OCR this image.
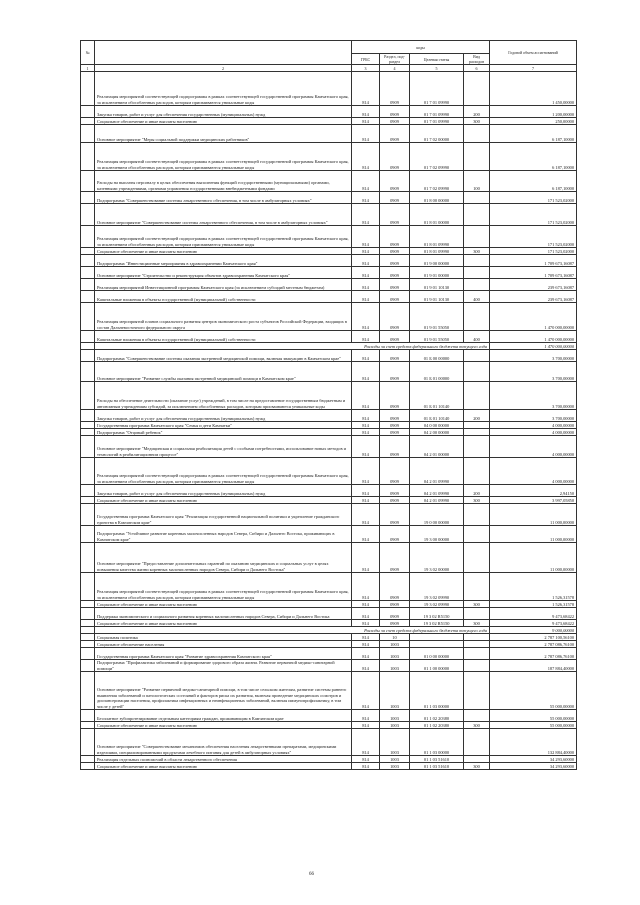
№		коды				Годовой объем ассигнований
		ГРБС	Раздел, под-раздел	Целевая статья	Вид расходов	
1	2	3	4	5	6	7
	Реализация мероприятий соответствующей подпрограммы в рамках соответствующей государственной программы Камчатского края, за исключением обособленных расходов, которым присваиваются уникальные коды	814	0909	01 7 01 09990		1 450,00000
	Закупка товаров, работ и услуг для обеспечения государственных (муниципальных) нужд	814	0909	01 7 01 09990	200	1 200,00000
	Социальное обеспечение и иные выплаты населению	814	0909	01 7 01 09990	300	250,00000
	Основное мероприятие "Меры социальной поддержки медицинских работников"	814	0909	01 7 02 00000		6 187,10000
	Реализация мероприятий соответствующей подпрограммы в рамках соответствующей государственной программы Камчатского края, за исключением обособленных расходов, которым присваиваются уникальные коды	814	0909	01 7 02 09990		6 187,10000
	Расходы на выплаты персоналу в целях обеспечения выполнения функций государственными (муниципальными) органами, казенными учреждениями, органами управления государственными внебюджетными фондами	814	0909	01 7 02 09990	100	6 187,10000
	Подпрограмма "Совершенствование системы лекарственного обеспечения, в том числе в амбулаторных условиях"	814	0909	01 8 00 00000		171 523,02000
	Основное мероприятие "Совершенствование системы лекарственного обеспечения, в том числе в амбулаторных условиях"	814	0909	01 8 01 00000		171 523,02000
	Реализация мероприятий соответствующей подпрограммы в рамках соответствующей государственной программы Камчатского края, за исключением обособленных расходов, которым присваиваются уникальные коды	814	0909	01 8 01 09990		171 523,02000
	Социальное обеспечение и иные выплаты населению	814	0909	01 8 01 09990	300	171 523,02000
	Подпрограмма "Инвестиционные мероприятия в здравоохранении Камчатского края"	814	0909	01 9 00 00000		1 709 673,16087
	Основное мероприятие "Строительство и реконструкция объектов здравоохранения Камчатского края"	814	0909	01 9 01 00000		1 709 673,16087
	Реализация мероприятий Инвестиционной программы Камчатского края (за исключением субсидий местным бюджетам)	814	0909	01 9 01 10130		239 673,16087
	Капитальные вложения в объекты государственной (муниципальной) собственности	814	0909	01 9 01 10130	400	239 673,16087
	Реализация мероприятий планов социального развития центров экономического роста субъектов Российской Федерации, входящих в состав Дальневосточного федерального округа	814	0909	01 9 01 55050		1 470 000,00000
	Капитальные вложения в объекты государственной (муниципальной) собственности	814	0909	01 9 01 55050	400	1 470 000,00000
	Расходы за счет средств федерального бюджета текущего года					1 470 000,00000
	Подпрограмма "Совершенствование системы оказания экстренной медицинской помощи, включая эвакуацию в Камчатском крае"	814	0909	01 Б 00 00000		3 700,00000
	Основное мероприятие "Развитие службы оказания экстренной медицинской помощи в Камчатском крае"	814	0909	01 Б 01 00000		3 700,00000
	Расходы на обеспечение деятельности (оказание услуг) учреждений, в том числе на предоставление государственным бюджетным и автономным учреждениям субсидий, за исключением обособленных расходов, которым присваиваются уникальные коды	814	0909	01 Б 01 10140		3 700,00000
	Закупка товаров, работ и услуг для обеспечения государственных (муниципальных) нужд	814	0909	01 Б 01 10140	200	3 700,00000
	Государственная программа Камчатского края "Семья и дети Камчатки"	814	0909	04 0 00 00000		4 000,00000
	Подпрограмма "Отцовый ребенок"	814	0909	04 2 00 00000		4 000,00000
	Основное мероприятие "Медицинская и социальная реабилитация детей с особыми потребностями, использование новых методов и технологий в реабилитационном процессе"	814	0909	04 2 01 00000		4 000,00000
	Реализация мероприятий соответствующей подпрограммы в рамках соответствующей государственной программы Камчатского края, за исключением обособленных расходов, которым присваиваются уникальные коды	814	0909	04 2 01 09990		4 000,00000
	Закупка товаров, работ и услуг для обеспечения государственных (муниципальных) нужд	814	0909	04 2 01 09990	200	2,94150
	Социальное обеспечение и иные выплаты населению	814	0909	04 2 01 09990	300	3 997,05850
	Государственная программа Камчатского края "Реализация государственной национальной политики и укрепление гражданского единства в Камчатском крае"	814	0909	19 0 00 00000		11 000,00000
	Подпрограмма "Устойчивое развитие коренных малочисленных народов Севера, Сибири и Дальнего Востока, проживающих в Камчатском крае"	814	0909	19 3 00 00000		11 000,00000
	Основное мероприятие "Предоставление дополнительных гарантий по оказанию медицинских и социальных услуг в целях повышения качества жизни коренных малочисленных народов Севера, Сибири и Дальнего Востока"	814	0909	19 3 02 00000		11 000,00000
	Реализация мероприятий соответствующей подпрограммы в рамках соответствующей государственной программы Камчатского края, за исключением обособленных расходов, которым присваиваются уникальные коды	814	0909	19 3 02 09990		1 526,31578
	Социальное обеспечение и иные выплаты населению	814	0909	19 3 02 09990	300	1 526,31578
	Поддержка экономического и социального развития коренных малочисленных народов Севера, Сибири и Дальнего Востока	814	0909	19 3 02 R5150		9 473,68422
	Социальное обеспечение и иные выплаты населению	814	0909	19 3 02 R5150	300	9 473,68422
	Расходы за счет средств федерального бюджета текущего года					9 000,00000
	Социальная политика	814	10			2 787 100,56100
	Социальное обеспечение населения	814	1003			2 787 086,76100
	Государственная программа Камчатского края "Развитие здравоохранения Камчатского края"	814	1003	01 0 00 00000		2 787 086,76100
	Подпрограмма "Профилактика заболеваний и формирование здорового образа жизни. Развитие первичной медико-санитарной помощи"	814	1003	01 1 00 00000		187 884,40000
	Основное мероприятие "Развитие первичной медико-санитарной помощи, в том числе сельским жителям, развитие системы раннего выявления заболеваний и патологических состояний и факторов риска их развития, включая проведение медицинских осмотров и диспансеризации населения, профилактика инфекционных и неинфекционных заболеваний, включая иммунопрофилактику, в том числе у детей"	814	1003	01 1 03 00000		55 000,00000
	Бесплатное зубопротезирование отдельным категориям граждан, проживающим в Камчатском крае	814	1003	01 1 02 20380		55 000,00000
	Социальное обеспечение и иные выплаты населению	814	1003	01 1 02 20380	300	55 000,00000
	Основное мероприятие "Совершенствование механизмов обеспечения населения лекарственными препаратами, медицинскими изделиями, специализированными продуктами лечебного питания для детей в амбулаторных условиях"	814	1003	01 1 03 00000		132 884,40000
	Реализация отдельных полномочий в области лекарственного обеспечения	814	1003	01 1 03 51610		34 293,60000
	Социальное обеспечение и иные выплаты населению	814	1003	01 1 03 51610	300	34 293,60000
66
